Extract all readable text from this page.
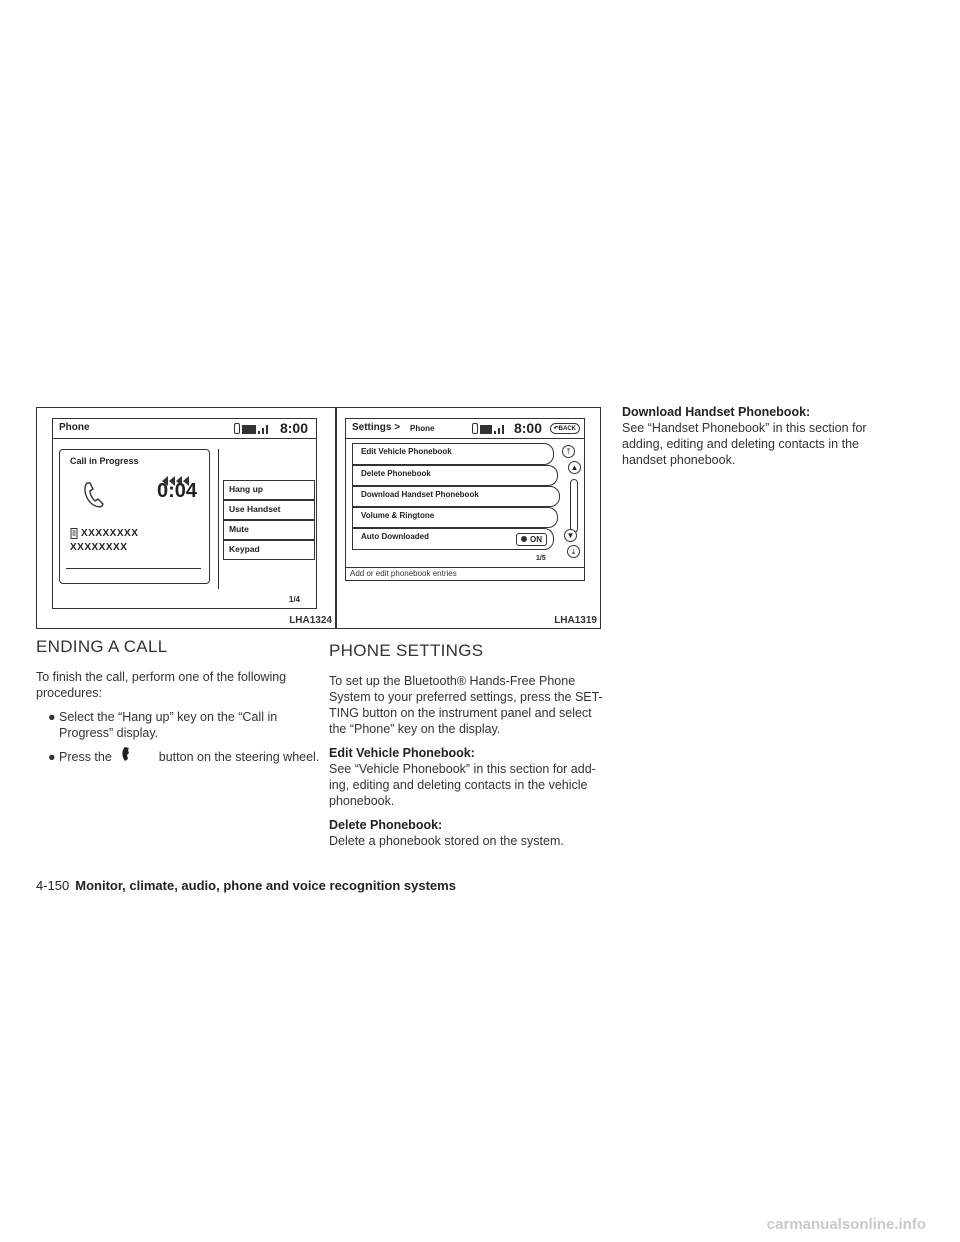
Phone	8:00
Call in Progress
0:04
XXXXXXXX
XXXXXXXX
Hang up
Use Handset
Mute
Keypad
1/4
LHA1324
Settings > Phone	8:00	↶BACK
Edit Vehicle Phonebook
Delete Phonebook
Download Handset Phonebook
Volume & Ringtone
Auto Downloaded	ON
⤒
▲
▼
⤓
1/5
Add or edit phonebook entries
LHA1319
ENDING A CALL
To finish the call, perform one of the following procedures:
● Select the “Hang up” key on the “Call in Progress” display.
● Press the	button on the steering wheel.
PHONE SETTINGS
To set up the Bluetooth® Hands-Free Phone System to your preferred settings, press the SET-TING button on the instrument panel and select the “Phone” key on the display.
Edit Vehicle Phonebook:
See “Vehicle Phonebook” in this section for add-ing, editing and deleting contacts in the vehicle phonebook.
Delete Phonebook:
Delete a phonebook stored on the system.
Download Handset Phonebook:
See “Handset Phonebook” in this section for adding, editing and deleting contacts in the handset phonebook.
4-150 Monitor, climate, audio, phone and voice recognition systems
carmanualsonline.info
